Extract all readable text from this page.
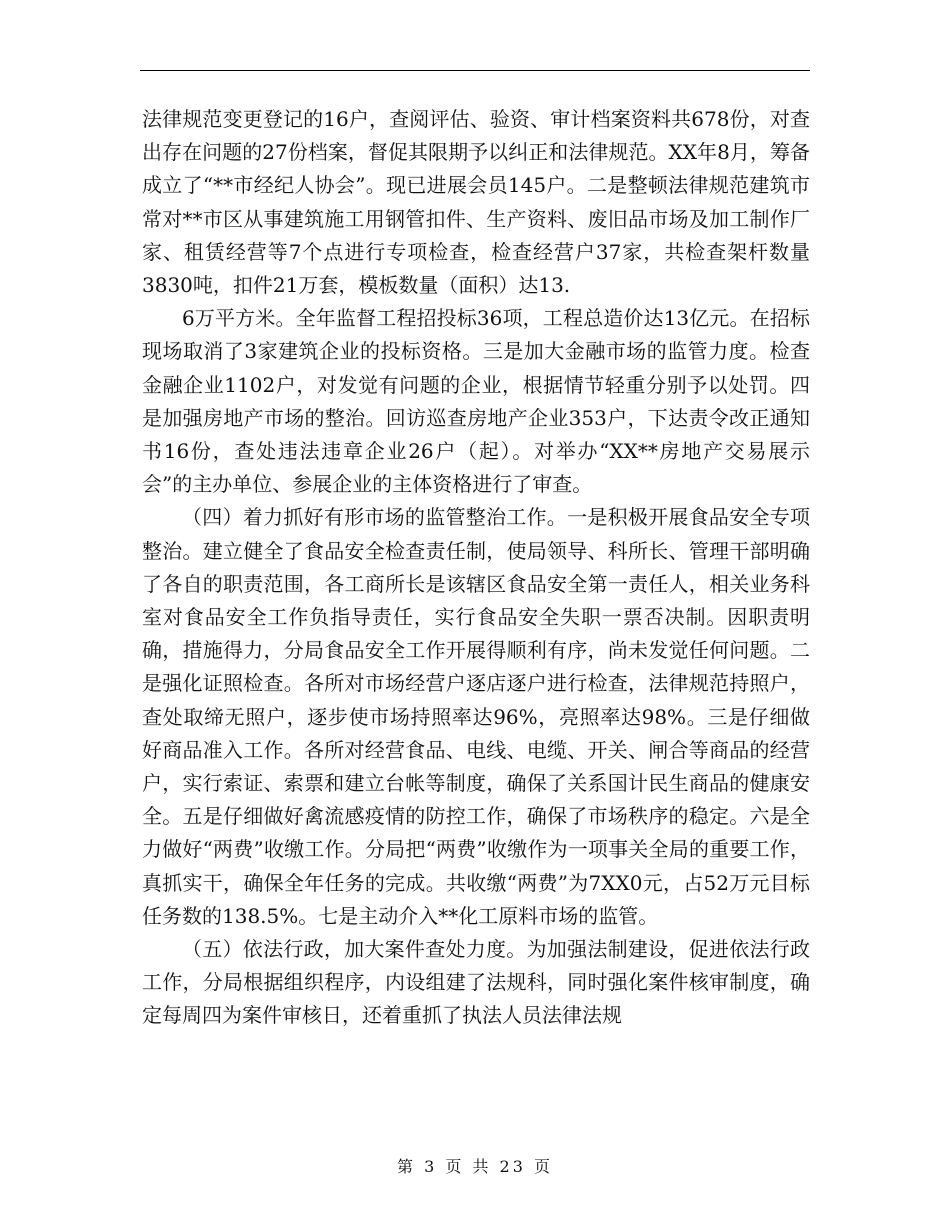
法律规范变更登记的16户，查阅评估、验资、审计档案资料共678份，对查出存在问题的27份档案，督促其限期予以纠正和法律规范。XX年8月，筹备成立了“**市经纪人协会”。现已进展会员145户。二是整顿法律规范建筑市常对**市区从事建筑施工用钢管扣件、生产资料、废旧品市场及加工制作厂家、租赁经营等7个点进行专项检查，检查经营户37家，共检查架杆数量3830吨，扣件21万套，模板数量（面积）达13.

6万平方米。全年监督工程招投标36项，工程总造价达13亿元。在招标现场取消了3家建筑企业的投标资格。三是加大金融市场的监管力度。检查金融企业1102户，对发觉有问题的企业，根据情节轻重分别予以处罚。四是加强房地产市场的整治。回访巡查房地产企业353户，下达责令改正通知书16份，查处违法违章企业26户（起）。对举办“XX**房地产交易展示会”的主办单位、参展企业的主体资格进行了审查。

（四）着力抓好有形市场的监管整治工作。一是积极开展食品安全专项整治。建立健全了食品安全检查责任制，使局领导、科所长、管理干部明确了各自的职责范围，各工商所长是该辖区食品安全第一责任人，相关业务科室对食品安全工作负指导责任，实行食品安全失职一票否决制。因职责明确，措施得力，分局食品安全工作开展得顺利有序，尚未发觉任何问题。二是强化证照检查。各所对市场经营户逐店逐户进行检查，法律规范持照户，查处取缔无照户，逐步使市场持照率达96%，亮照率达98%。三是仔细做好商品准入工作。各所对经营食品、电线、电缆、开关、闸合等商品的经营户，实行索证、索票和建立台帐等制度，确保了关系国计民生商品的健康安全。五是仔细做好禽流感疫情的防控工作，确保了市场秩序的稳定。六是全力做好“两费”收缴工作。分局把“两费”收缴作为一项事关全局的重要工作，真抓实干，确保全年任务的完成。共收缴“两费”为7XX0元，占52万元目标任务数的138.5%。七是主动介入**化工原料市场的监管。

（五）依法行政，加大案件查处力度。为加强法制建设，促进依法行政工作，分局根据组织程序，内设组建了法规科，同时强化案件核审制度，确定每周四为案件审核日，还着重抓了执法人员法律法规

第 3 页 共 23 页
